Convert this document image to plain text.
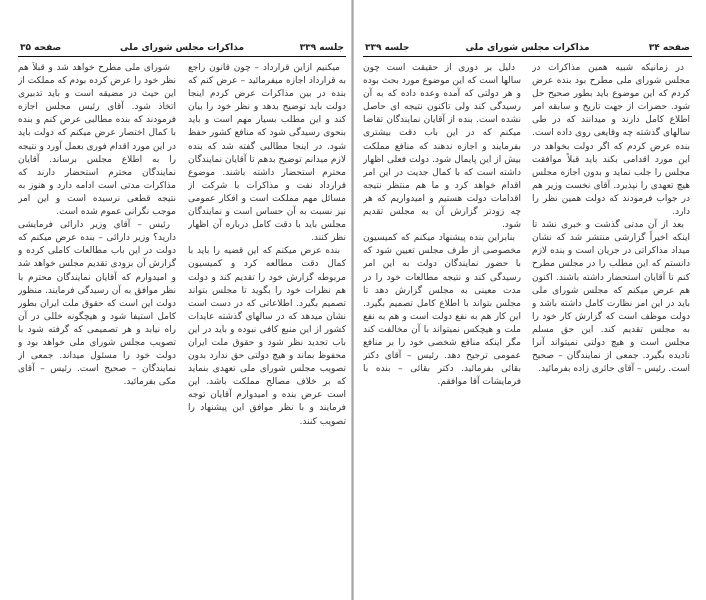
جلسه ۳۳۹
مذاکرات مجلس شورای ملی
صفحه ۳۵

میکنیم ازاین قرارداد – چون قانون راجع به قرارداد اجازه میفرمائید – عرض کنم که بنده در بین مذاکرات عرض کردم اینجا دولت باید توضیح بدهد و نظر خود را بیان کند و این مطلب بسیار مهم است و باید بنحوی رسیدگی شود که منافع کشور حفظ شود. در اینجا مطالبی گفته شد که بنده لازم میدانم توضیح بدهم تا آقایان نمایندگان محترم استحضار داشته باشند. موضوع قرارداد نفت و مذاکرات با شرکت از مسائل مهم مملکت است و افکار عمومی نیز نسبت به آن حساس است و نمایندگان مجلس باید با دقت کامل درباره آن اظهار نظر کنند.

بنده عرض میکنم که این قضیه را باید با کمال دقت مطالعه کرد و کمیسیون مربوطه گزارش خود را تقدیم کند و دولت هم نظرات خود را بگوید تا مجلس بتواند تصمیم بگیرد. اطلاعاتی که در دست است نشان میدهد که در سالهای گذشته عایدات کشور از این منبع کافی نبوده و باید در این باب تجدید نظر شود و حقوق ملت ایران محفوظ بماند و هیچ دولتی حق ندارد بدون تصویب مجلس شورای ملی تعهدی بنماید که بر خلاف مصالح مملکت باشد. این است عرض بنده و امیدوارم آقایان توجه فرمایند و با نظر موافق این پیشنهاد را تصویب کنند.

شورای ملی مطرح خواهد شد و قبلاً هم نظر خود را عرض کرده بودم که مملکت از این حیث در مضیقه است و باید تدبیری اتخاذ شود. آقای رئیس مجلس اجازه فرمودند که بنده مطالبی عرض کنم و بنده با کمال اختصار عرض میکنم که دولت باید در این مورد اقدام فوری بعمل آورد و نتیجه را به اطلاع مجلس برساند. آقایان نمایندگان محترم استحضار دارند که مذاکرات مدتی است ادامه دارد و هنوز به نتیجه قطعی نرسیده است و این امر موجب نگرانی عموم شده است.

رئیس – آقای وزیر دارائی فرمایشی دارید؟ وزیر دارائی – بنده عرض میکنم که دولت در این باب مطالعات کاملی کرده و گزارش آن بزودی تقدیم مجلس خواهد شد و امیدوارم که آقایان نمایندگان محترم با نظر موافق به آن رسیدگی فرمایند. منظور دولت این است که حقوق ملت ایران بطور کامل استیفا شود و هیچگونه خللی در آن راه نیابد و هر تصمیمی که گرفته شود با تصویب مجلس شورای ملی خواهد بود و دولت خود را مسئول میداند. جمعی از نمایندگان – صحیح است. رئیس – آقای مکی بفرمائید.

صفحه ۳۴
مذاکرات مجلس شورای ملی
جلسه ۳۳۹

در زمانیکه شبیه همین مذاکرات در مجلس شورای ملی مطرح بود بنده عرض کردم که این موضوع باید بطور صحیح حل شود. حضرات از جهت تاریخ و سابقه امر اطلاع کامل دارند و میدانند که در طی سالهای گذشته چه وقایعی روی داده است. بنده عرض کردم که اگر دولت بخواهد در این مورد اقدامی بکند باید قبلاً موافقت مجلس را جلب نماید و بدون اجازه مجلس هیچ تعهدی را نپذیرد. آقای نخست وزیر هم در جواب فرمودند که دولت همین نظر را دارد.

بعد از آن مدتی گذشت و خبری نشد تا اینکه اخیراً گزارشی منتشر شد که نشان میداد مذاکراتی در جریان است و بنده لازم دانستم که این مطلب را در مجلس مطرح کنم تا آقایان استحضار داشته باشند. اکنون هم عرض میکنم که مجلس شورای ملی باید در این امر نظارت کامل داشته باشد و دولت موظف است که گزارش کار خود را به مجلس تقدیم کند. این حق مسلم مجلس است و هیچ دولتی نمیتواند آنرا نادیده بگیرد. جمعی از نمایندگان – صحیح است. رئیس – آقای حائری زاده بفرمائید.

دلیل بر دوری از حقیقت است چون سالها است که این موضوع مورد بحث بوده و هر دولتی که آمده وعده داده که به آن رسیدگی کند ولی تاکنون نتیجه ای حاصل نشده است. بنده از آقایان نمایندگان تقاضا میکنم که در این باب دقت بیشتری بفرمایند و اجازه ندهند که منافع مملکت بیش از این پایمال شود. دولت فعلی اظهار داشته است که با کمال جدیت در این امر اقدام خواهد کرد و ما هم منتظر نتیجه اقدامات دولت هستیم و امیدواریم که هر چه زودتر گزارش آن به مجلس تقدیم شود.

بنابراین بنده پیشنهاد میکنم که کمیسیون مخصوصی از طرف مجلس تعیین شود که با حضور نمایندگان دولت به این امر رسیدگی کند و نتیجه مطالعات خود را در مدت معینی به مجلس گزارش دهد تا مجلس بتواند با اطلاع کامل تصمیم بگیرد. این کار هم به نفع دولت است و هم به نفع ملت و هیچکس نمیتواند با آن مخالفت کند مگر اینکه منافع شخصی خود را بر منافع عمومی ترجیح دهد. رئیس – آقای دکتر بقائی بفرمائید. دکتر بقائی – بنده با فرمایشات آقا موافقم.
